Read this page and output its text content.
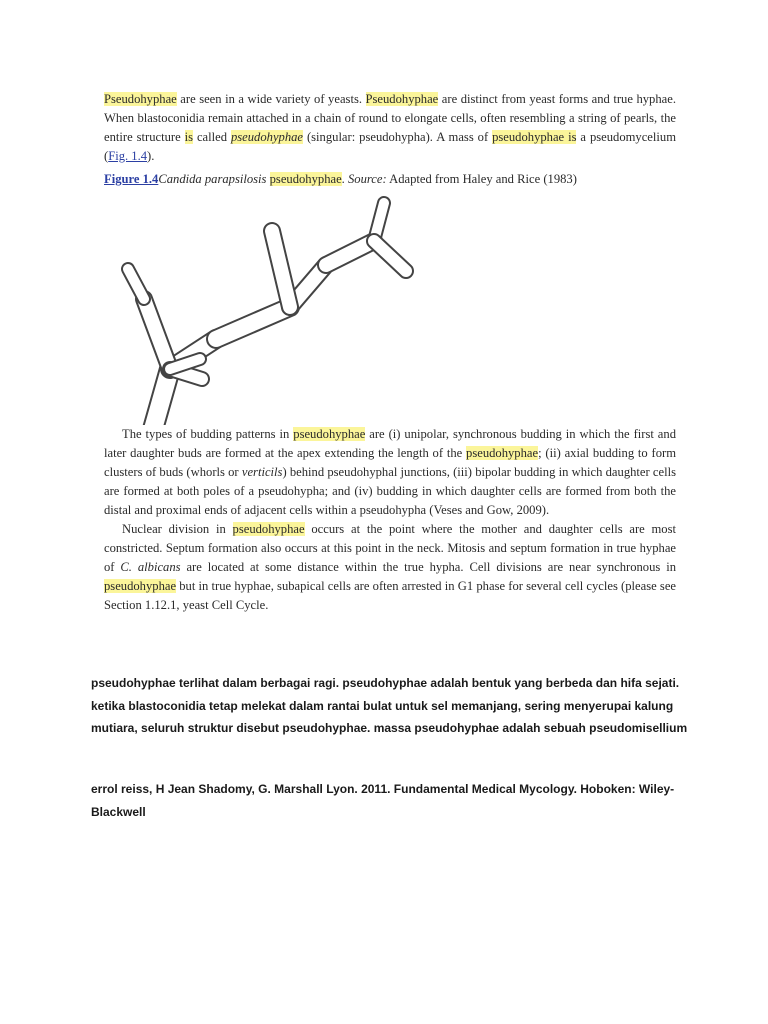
Pseudohyphae are seen in a wide variety of yeasts. Pseudohyphae are distinct from yeast forms and true hyphae. When blastoconidia remain attached in a chain of round to elongate cells, often resembling a string of pearls, the entire structure is called pseudohyphae (singular: pseudohypha). A mass of pseudohyphae is a pseudomycelium (Fig. 1.4).

Figure 1.4Candida parapsilosis pseudohyphae. Source: Adapted from Haley and Rice (1983)

The types of budding patterns in pseudohyphae are (i) unipolar, synchronous budding in which the first and later daughter buds are formed at the apex extending the length of the pseudohyphae; (ii) axial budding to form clusters of buds (whorls or verticils) behind pseudohyphal junctions, (iii) bipolar budding in which daughter cells are formed at both poles of a pseudohypha; and (iv) budding in which daughter cells are formed from both the distal and proximal ends of adjacent cells within a pseudohypha (Veses and Gow, 2009).

Nuclear division in pseudohyphae occurs at the point where the mother and daughter cells are most constricted. Septum formation also occurs at this point in the neck. Mitosis and septum formation in true hyphae of C. albicans are located at some distance within the true hypha. Cell divisions are near synchronous in pseudohyphae but in true hyphae, subapical cells are often arrested in G1 phase for several cell cycles (please see Section 1.12.1, yeast Cell Cycle.

pseudohyphae terlihat dalam berbagai ragi. pseudohyphae adalah bentuk yang berbeda dan hifa sejati.

ketika blastoconidia tetap melekat dalam rantai bulat untuk sel memanjang, sering menyerupai kalung

mutiara, seluruh struktur disebut pseudohyphae. massa pseudohyphae adalah sebuah pseudomisellium

errol reiss, H Jean Shadomy, G. Marshall Lyon. 2011. Fundamental Medical Mycology. Hoboken: Wiley-

Blackwell
